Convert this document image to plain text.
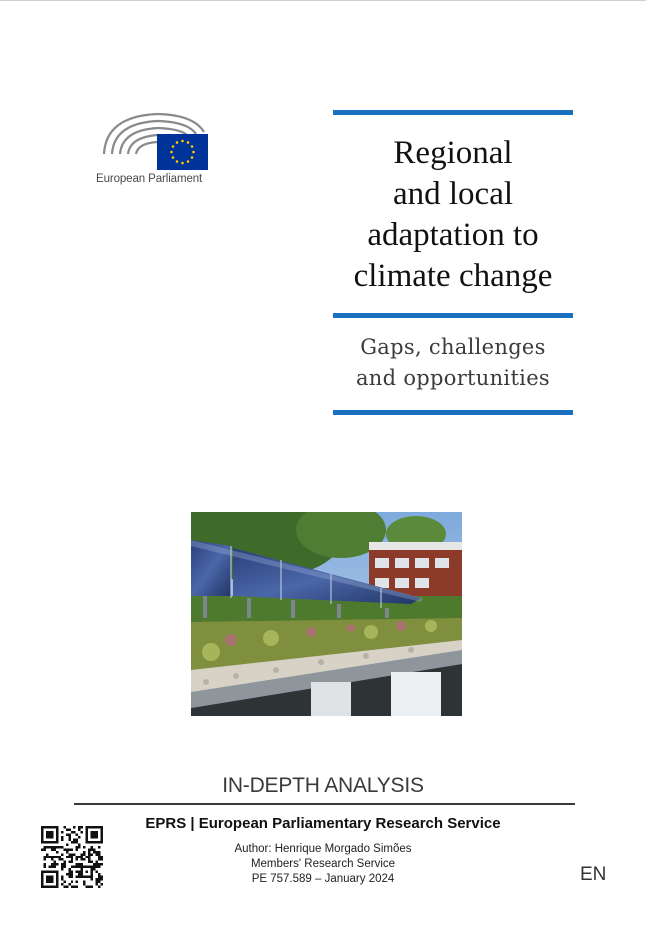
European Parliament
Regional
and local
adaptation to
climate change
Gaps, challenges
and opportunities
IN-DEPTH ANALYSIS
EPRS | European Parliamentary Research Service
Author: Henrique Morgado Simões
Members' Research Service
PE 757.589 – January 2024	EN
